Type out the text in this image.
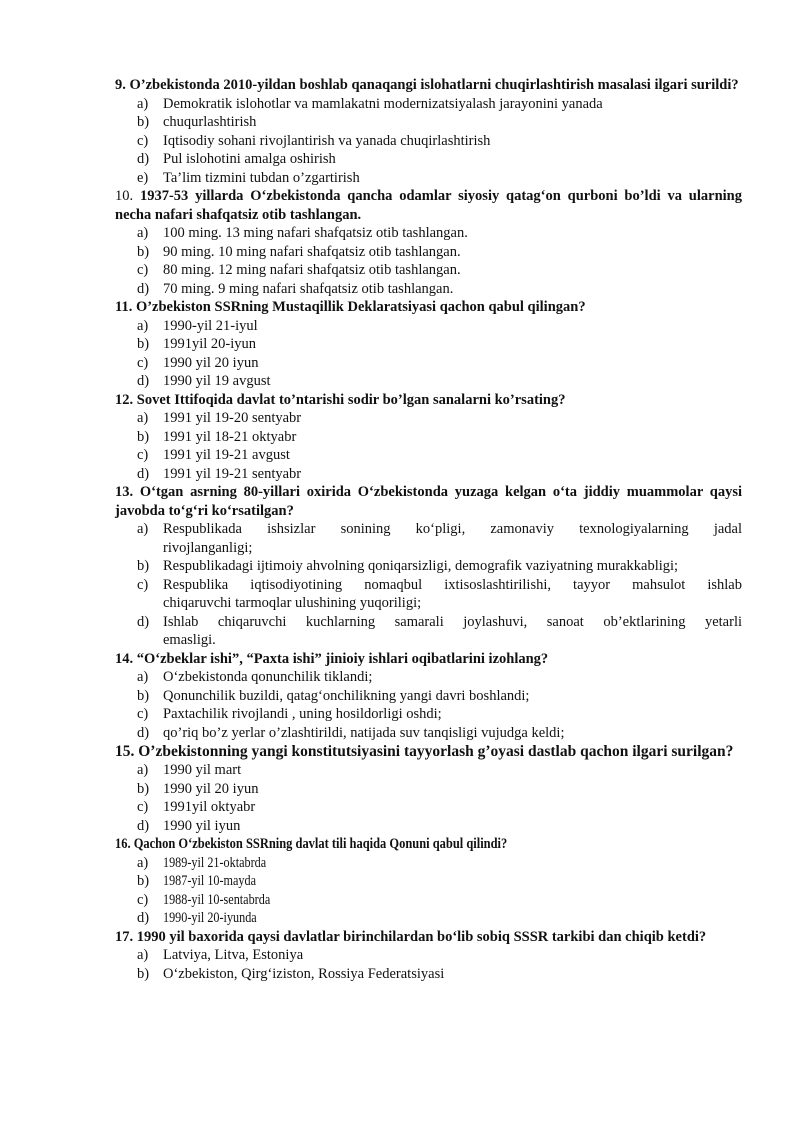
9. O’zbekistonda 2010-yildan boshlab qanaqangi islohatlarni chuqirlashtirish masalasi ilgari surildi?

a) Demokratik islohotlar va mamlakatni modernizatsiyalash jarayonini yanada
b) chuqurlashtirish
c) Iqtisodiy sohani rivojlantirish va yanada chuqirlashtirish
d) Pul islohotini amalga oshirish
e) Ta’lim tizmini tubdan o’zgartirish

10. 1937-53 yillarda O‘zbekistonda qancha odamlar siyosiy qatag‘on qurboni bo’ldi va ularning necha nafari shafqatsiz otib tashlangan.

a) 100 ming. 13 ming nafari shafqatsiz otib tashlangan.
b) 90 ming. 10 ming nafari shafqatsiz otib tashlangan.
c) 80 ming. 12 ming nafari shafqatsiz otib tashlangan.
d) 70 ming. 9 ming nafari shafqatsiz otib tashlangan.

11. O’zbekiston SSRning Mustaqillik Deklaratsiyasi qachon qabul qilingan?

a) 1990-yil 21-iyul
b) 1991yil 20-iyun
c) 1990 yil 20 iyun
d) 1990 yil 19 avgust

12. Sovet Ittifoqida davlat to’ntarishi sodir bo’lgan sanalarni ko’rsating?

a) 1991 yil 19-20 sentyabr
b) 1991 yil 18-21 oktyabr
c) 1991 yil 19-21 avgust
d) 1991 yil 19-21 sentyabr

13. O‘tgan asrning 80-yillari oxirida O‘zbekistonda yuzaga kelgan o‘ta jiddiy muammolar qaysi javobda to‘g‘ri ko‘rsatilgan?

a) Respublikada ishsizlar sonining ko‘pligi, zamonaviy texnologiyalarning jadal
rivojlanganligi;
b) Respublikadagi ijtimoiy ahvolning qoniqarsizligi, demografik vaziyatning murakkabligi;
c) Respublika iqtisodiyotining nomaqbul ixtisoslashtirilishi, tayyor mahsulot ishlab
chiqaruvchi tarmoqlar ulushining yuqoriligi;
d) Ishlab chiqaruvchi kuchlarning samarali joylashuvi, sanoat ob’ektlarining yetarli
emasligi.

14. “O‘zbeklar ishi”, “Paxta ishi” jinioiy ishlari oqibatlarini izohlang?

a) O‘zbekistonda qonunchilik tiklandi;
b) Qonunchilik buzildi, qatag‘onchilikning yangi davri boshlandi;
c) Paxtachilik rivojlandi , uning hosildorligi oshdi;
d) qo’riq bo’z yerlar o’zlashtirildi, natijada suv tanqisligi vujudga keldi;

15. O’zbekistonning yangi konstitutsiyasini tayyorlash g’oyasi dastlab qachon ilgari surilgan?

a) 1990 yil mart
b) 1990 yil 20 iyun
c) 1991yil oktyabr
d) 1990 yil iyun

16. Qachon O‘zbekiston SSRning davlat tili haqida Qonuni qabul qilindi?

a) 1989-yil 21-oktabrda
b) 1987-yil 10-mayda
c) 1988-yil 10-sentabrda
d) 1990-yil 20-iyunda

17. 1990 yil baxorida qaysi davlatlar birinchilardan bo‘lib sobiq SSSR tarkibi dan chiqib ketdi?

a) Latviya, Litva, Estoniya
b) O‘zbekiston, Qirg‘iziston, Rossiya Federatsiyasi
